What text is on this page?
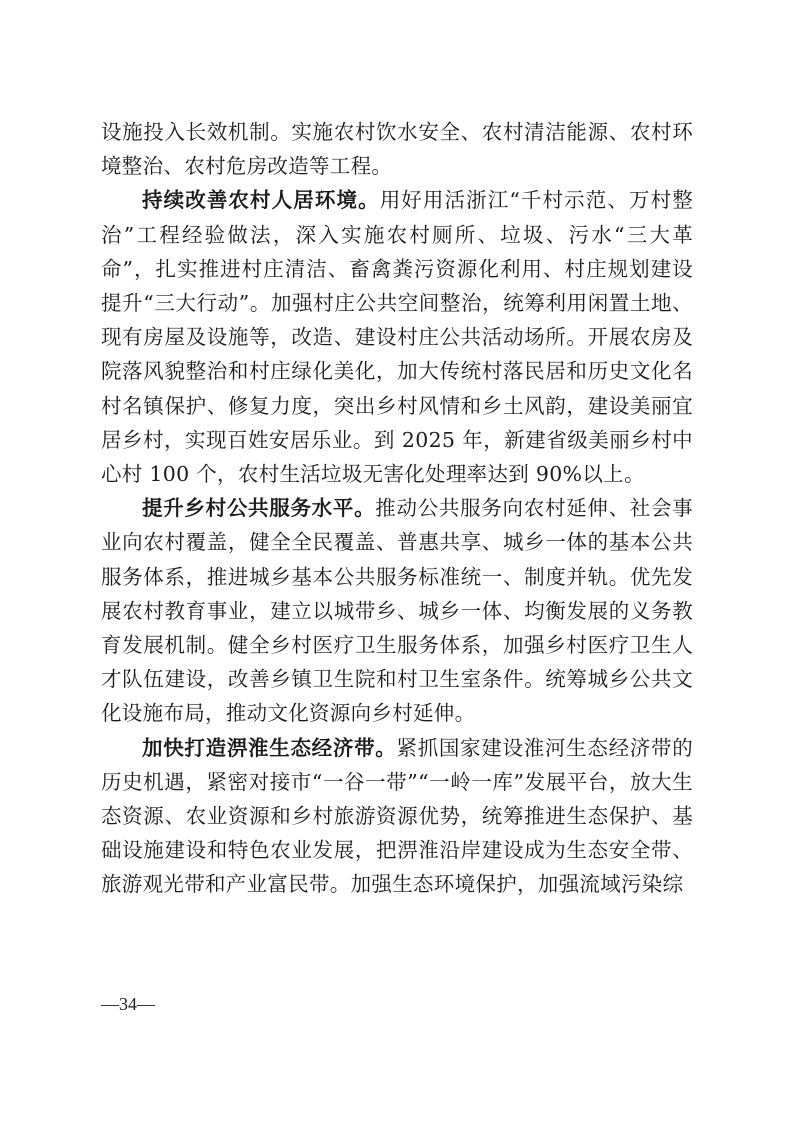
设施投入长效机制。实施农村饮水安全、农村清洁能源、农村环境整治、农村危房改造等工程。

持续改善农村人居环境。用好用活浙江“千村示范、万村整治”工程经验做法，深入实施农村厕所、垃圾、污水“三大革命”，扎实推进村庄清洁、畜禽粪污资源化利用、村庄规划建设提升“三大行动”。加强村庄公共空间整治，统筹利用闲置土地、现有房屋及设施等，改造、建设村庄公共活动场所。开展农房及院落风貌整治和村庄绿化美化，加大传统村落民居和历史文化名村名镇保护、修复力度，突出乡村风情和乡土风韵，建设美丽宜居乡村，实现百姓安居乐业。到 2025 年，新建省级美丽乡村中心村 100 个，农村生活垃圾无害化处理率达到 90%以上。

提升乡村公共服务水平。推动公共服务向农村延伸、社会事业向农村覆盖，健全全民覆盖、普惠共享、城乡一体的基本公共服务体系，推进城乡基本公共服务标准统一、制度并轨。优先发展农村教育事业，建立以城带乡、城乡一体、均衡发展的义务教育发展机制。健全乡村医疗卫生服务体系，加强乡村医疗卫生人才队伍建设，改善乡镇卫生院和村卫生室条件。统筹城乡公共文化设施布局，推动文化资源向乡村延伸。

加快打造淠淮生态经济带。紧抓国家建设淮河生态经济带的历史机遇，紧密对接市“一谷一带”“一岭一库”发展平台，放大生态资源、农业资源和乡村旅游资源优势，统筹推进生态保护、基础设施建设和特色农业发展，把淠淮沿岸建设成为生态安全带、旅游观光带和产业富民带。加强生态环境保护，加强流域污染综

—34—
